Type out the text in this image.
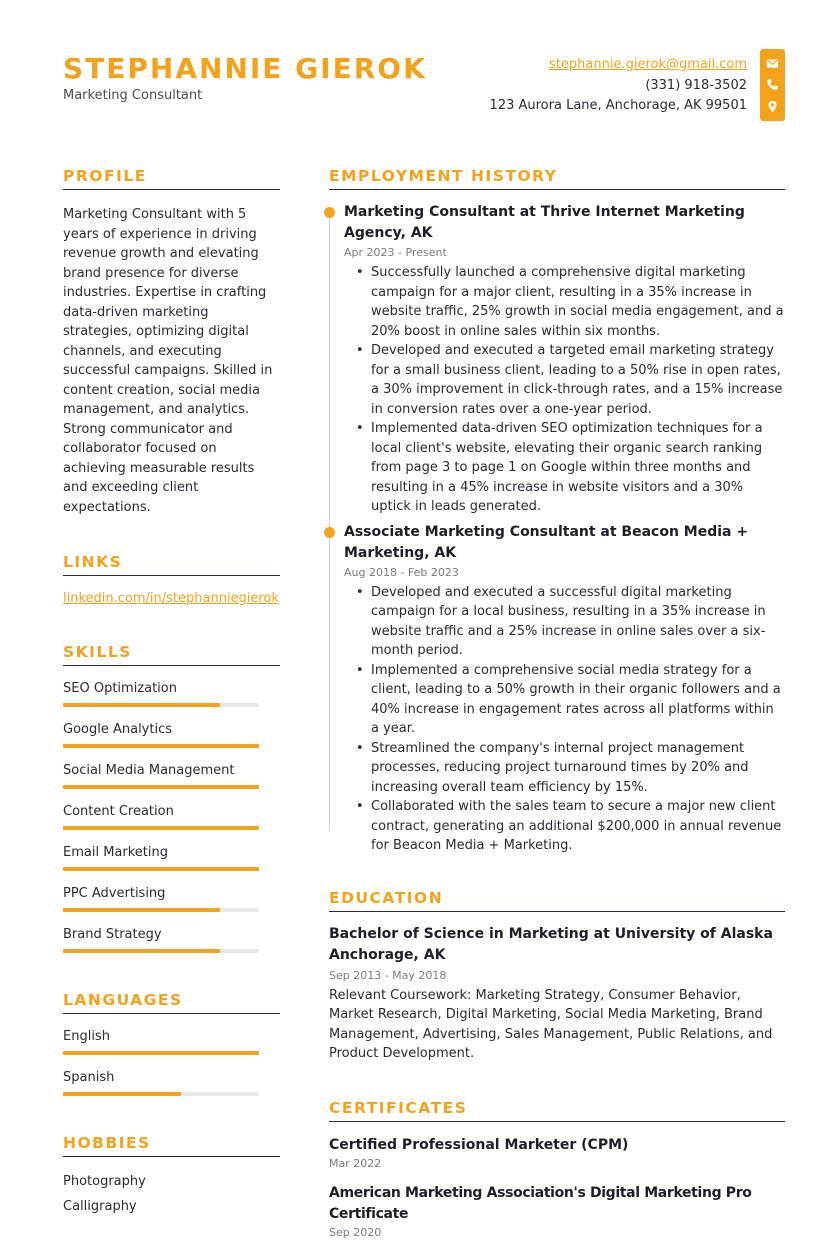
STEPHANNIE GIEROK
Marketing Consultant
stephannie.gierok@gmail.com
(331) 918-3502
123 Aurora Lane, Anchorage, AK 99501
PROFILE
Marketing Consultant with 5 years of experience in driving revenue growth and elevating brand presence for diverse industries. Expertise in crafting data-driven marketing strategies, optimizing digital channels, and executing successful campaigns. Skilled in content creation, social media management, and analytics. Strong communicator and collaborator focused on achieving measurable results and exceeding client expectations.
LINKS
linkedin.com/in/stephanniegierok
SKILLS
SEO Optimization
Google Analytics
Social Media Management
Content Creation
Email Marketing
PPC Advertising
Brand Strategy
LANGUAGES
English
Spanish
HOBBIES
Photography
Calligraphy
EMPLOYMENT HISTORY
Marketing Consultant at Thrive Internet Marketing Agency, AK
Apr 2023 - Present
• Successfully launched a comprehensive digital marketing campaign for a major client, resulting in a 35% increase in website traffic, 25% growth in social media engagement, and a 20% boost in online sales within six months.
• Developed and executed a targeted email marketing strategy for a small business client, leading to a 50% rise in open rates, a 30% improvement in click-through rates, and a 15% increase in conversion rates over a one-year period.
• Implemented data-driven SEO optimization techniques for a local client's website, elevating their organic search ranking from page 3 to page 1 on Google within three months and resulting in a 45% increase in website visitors and a 30% uptick in leads generated.
Associate Marketing Consultant at Beacon Media + Marketing, AK
Aug 2018 - Feb 2023
• Developed and executed a successful digital marketing campaign for a local business, resulting in a 35% increase in website traffic and a 25% increase in online sales over a six-month period.
• Implemented a comprehensive social media strategy for a client, leading to a 50% growth in their organic followers and a 40% increase in engagement rates across all platforms within a year.
• Streamlined the company's internal project management processes, reducing project turnaround times by 20% and increasing overall team efficiency by 15%.
• Collaborated with the sales team to secure a major new client contract, generating an additional $200,000 in annual revenue for Beacon Media + Marketing.
EDUCATION
Bachelor of Science in Marketing at University of Alaska Anchorage, AK
Sep 2013 - May 2018
Relevant Coursework: Marketing Strategy, Consumer Behavior, Market Research, Digital Marketing, Social Media Marketing, Brand Management, Advertising, Sales Management, Public Relations, and Product Development.
CERTIFICATES
Certified Professional Marketer (CPM)
Mar 2022
American Marketing Association's Digital Marketing Pro Certificate
Sep 2020
